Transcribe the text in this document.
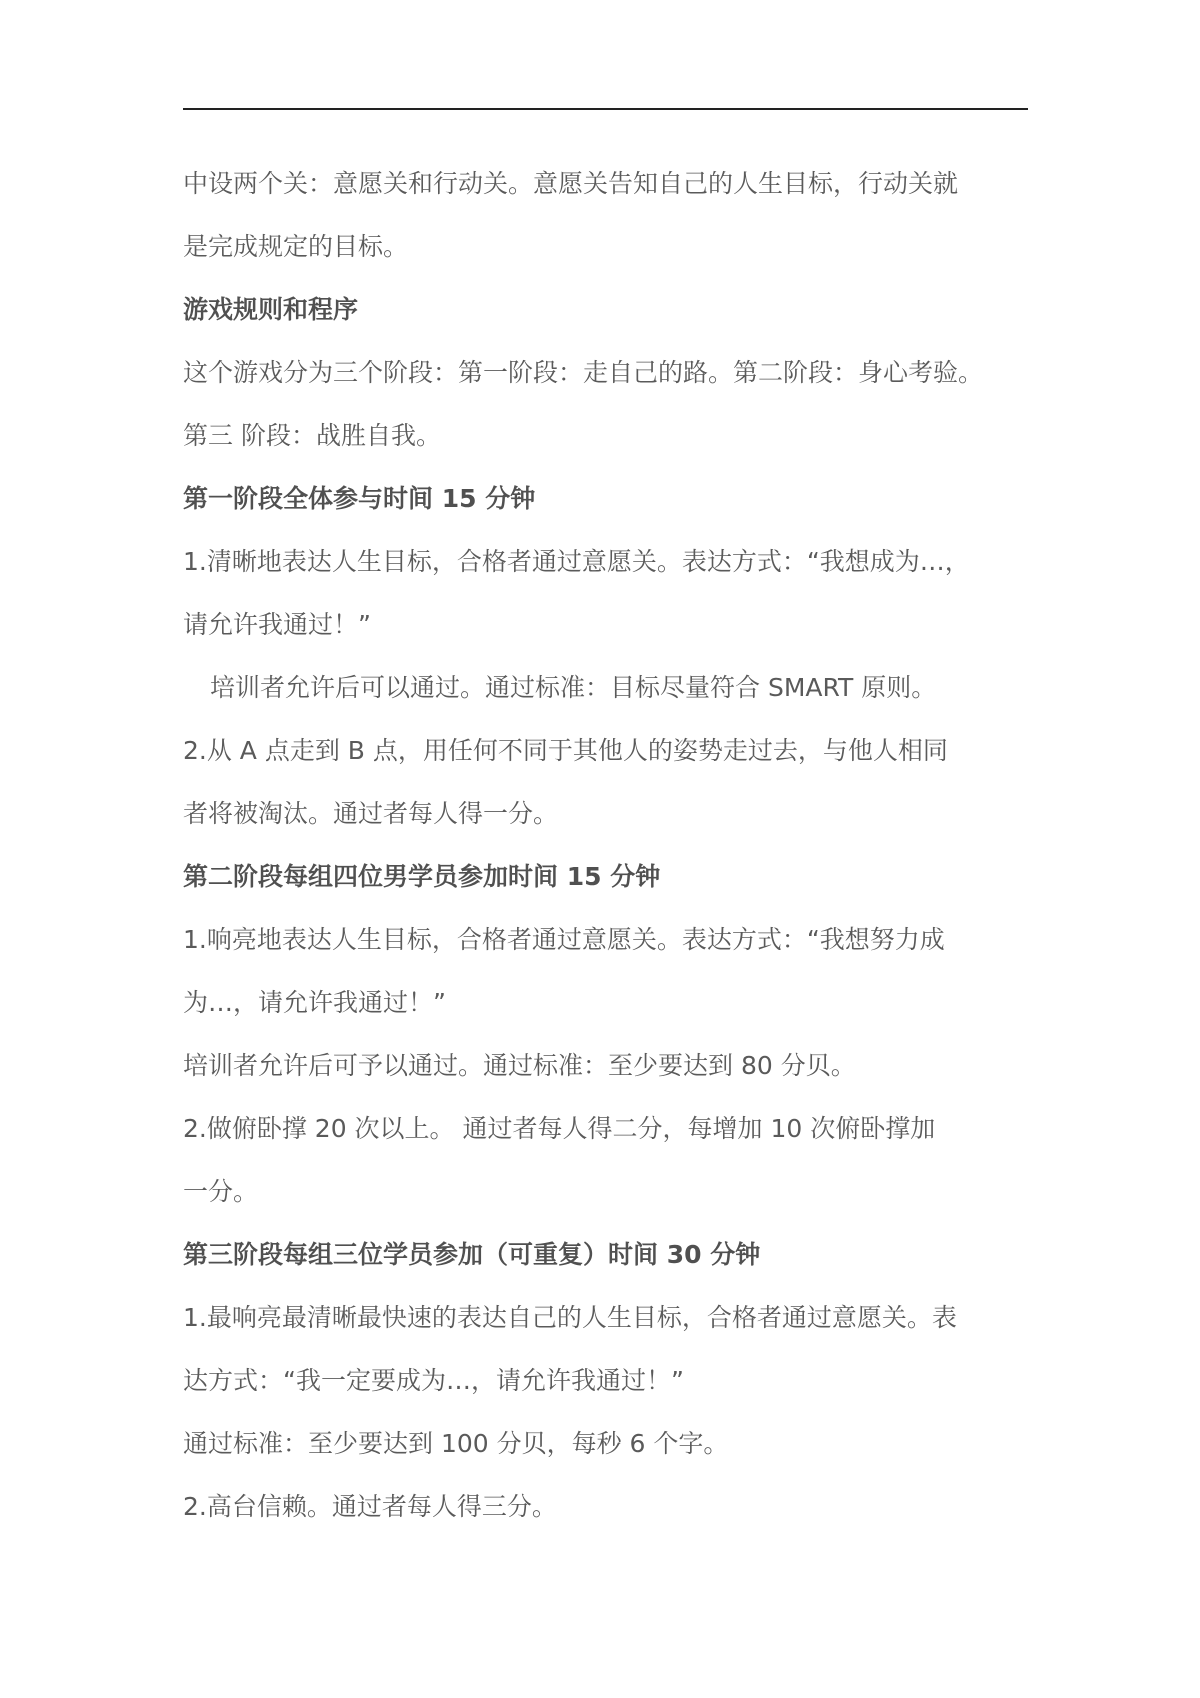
中设两个关：意愿关和行动关。意愿关告知自己的人生目标，行动关就
是完成规定的目标。
游戏规则和程序
这个游戏分为三个阶段：第一阶段：走自己的路。第二阶段：身心考验。
第三 阶段：战胜自我。
第一阶段全体参与时间 15 分钟
1.清晰地表达人生目标，合格者通过意愿关。表达方式：“我想成为…，
请允许我通过！”
培训者允许后可以通过。通过标准：目标尽量符合 SMART 原则。
2.从 A 点走到 B 点，用任何不同于其他人的姿势走过去，与他人相同
者将被淘汰。通过者每人得一分。
第二阶段每组四位男学员参加时间 15 分钟
1.响亮地表达人生目标，合格者通过意愿关。表达方式：“我想努力成
为…，请允许我通过！”
培训者允许后可予以通过。通过标准：至少要达到 80 分贝。
2.做俯卧撑 20 次以上。 通过者每人得二分，每增加 10 次俯卧撑加
一分。
第三阶段每组三位学员参加（可重复）时间 30 分钟
1.最响亮最清晰最快速的表达自己的人生目标，合格者通过意愿关。表
达方式：“我一定要成为…，请允许我通过！”
通过标准：至少要达到 100 分贝，每秒 6 个字。
2.高台信赖。通过者每人得三分。
